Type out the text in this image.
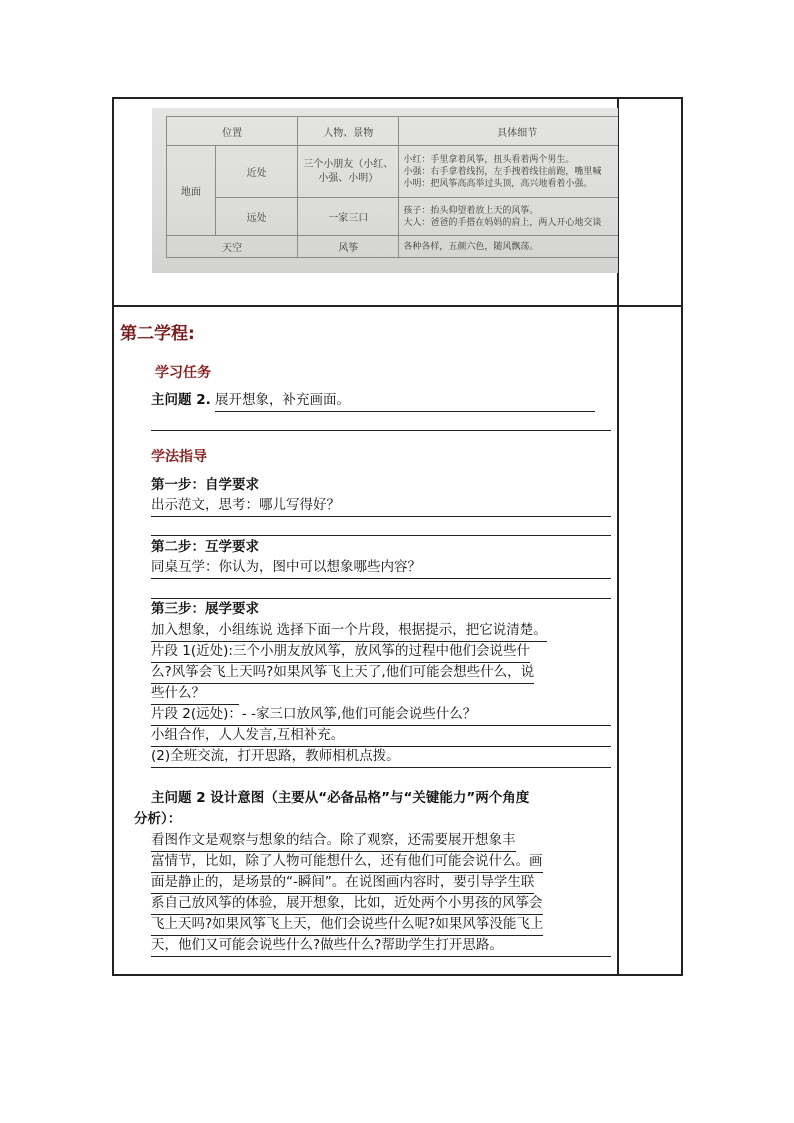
位置		人物、景物	具体细节
地面	近处	三个小朋友（小红、小强、小明）	小红：手里拿着风筝，扭头看着两个男生。
小强：右手拿着线拐，左手拽着线往前跑，嘴里喊
小明：把风筝高高举过头顶，高兴地看着小强。

	远处	一家三口	孩子：抬头仰望着放上天的风筝。
大人：爸爸的手搭在妈妈的肩上，两人开心地交谈

天空		风筝	各种各样，五颜六色，随风飘荡。
第二学程:
学习任务
主问题 2. 展开想象，补充画面。
学法指导
第一步：自学要求
出示范文，思考：哪儿写得好？
第二步：互学要求
同桌互学：你认为，图中可以想象哪些内容？
第三步：展学要求
加入想象，小组练说 选择下面一个片段，根据提示，把它说清楚。
片段 1(近处):三个小朋友放风筝，放风筝的过程中他们会说些什
么?风筝会飞上天吗?如果风筝飞上天了,他们可能会想些什么，说
些什么？
片段 2(远处)：- -家三口放风筝,他们可能会说些什么？
小组合作，人人发言,互相补充。
(2)全班交流，打开思路，教师相机点拨。
主问题 2 设计意图（主要从“必备品格”与“关键能力”两个角度
分析）：
看图作文是观察与想象的结合。除了观察，还需要展开想象丰
富情节，比如，除了人物可能想什么，还有他们可能会说什么。画
面是静止的，是场景的“-瞬间”。在说图画内容时，要引导学生联
系自己放风筝的体验，展开想象，比如，近处两个小男孩的风筝会
飞上天吗?如果风筝飞上天，他们会说些什么呢?如果风筝没能飞上
天，他们又可能会说些什么?做些什么?帮助学生打开思路。
